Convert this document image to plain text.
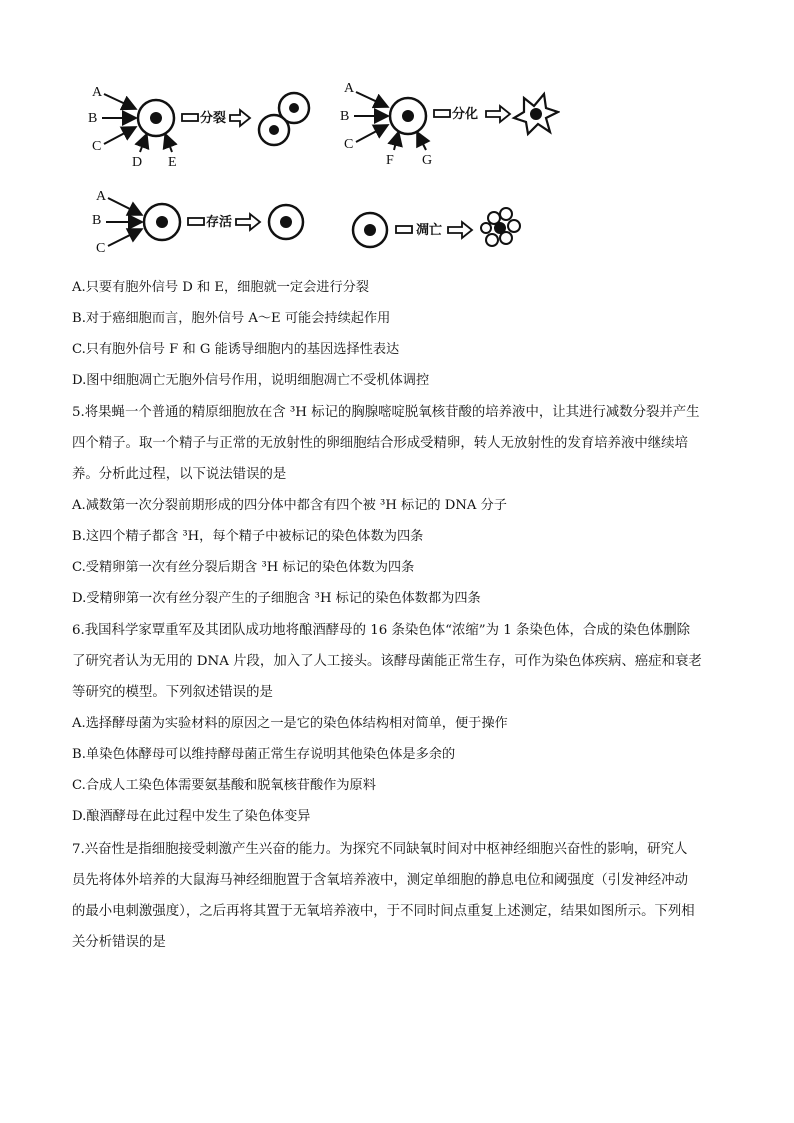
A
B
C
D E
分裂
A
B
C
F G
分化
A
B
C
存活
凋亡
A.只要有胞外信号 D 和 E，细胞就一定会进行分裂
B.对于癌细胞而言，胞外信号 A～E 可能会持续起作用
C.只有胞外信号 F 和 G 能诱导细胞内的基因选择性表达
D.图中细胞凋亡无胞外信号作用，说明细胞凋亡不受机体调控
5.将果蝇一个普通的精原细胞放在含 ³H 标记的胸腺嘧啶脱氧核苷酸的培养液中，让其进行减数分裂并产生
四个精子。取一个精子与正常的无放射性的卵细胞结合形成受精卵，转人无放射性的发育培养液中继续培
养。分析此过程，以下说法错误的是
A.减数第一次分裂前期形成的四分体中都含有四个被 ³H 标记的 DNA 分子
B.这四个精子都含 ³H，每个精子中被标记的染色体数为四条
C.受精卵第一次有丝分裂后期含 ³H 标记的染色体数为四条
D.受精卵第一次有丝分裂产生的子细胞含 ³H 标记的染色体数都为四条
6.我国科学家覃重军及其团队成功地将酿酒酵母的 16 条染色体“浓缩”为 1 条染色体，合成的染色体删除
了研究者认为无用的 DNA 片段，加入了人工接头。该酵母菌能正常生存，可作为染色体疾病、癌症和衰老
等研究的模型。下列叙述错误的是
A.选择酵母菌为实验材料的原因之一是它的染色体结构相对简单，便于操作
B.单染色体酵母可以维持酵母菌正常生存说明其他染色体是多余的
C.合成人工染色体需要氨基酸和脱氧核苷酸作为原料
D.酿酒酵母在此过程中发生了染色体变异
7.兴奋性是指细胞接受刺激产生兴奋的能力。为探究不同缺氧时间对中枢神经细胞兴奋性的影响，研究人
员先将体外培养的大鼠海马神经细胞置于含氧培养液中，测定单细胞的静息电位和阈强度（引发神经冲动
的最小电刺激强度），之后再将其置于无氧培养液中，于不同时间点重复上述测定，结果如图所示。下列相
关分析错误的是
